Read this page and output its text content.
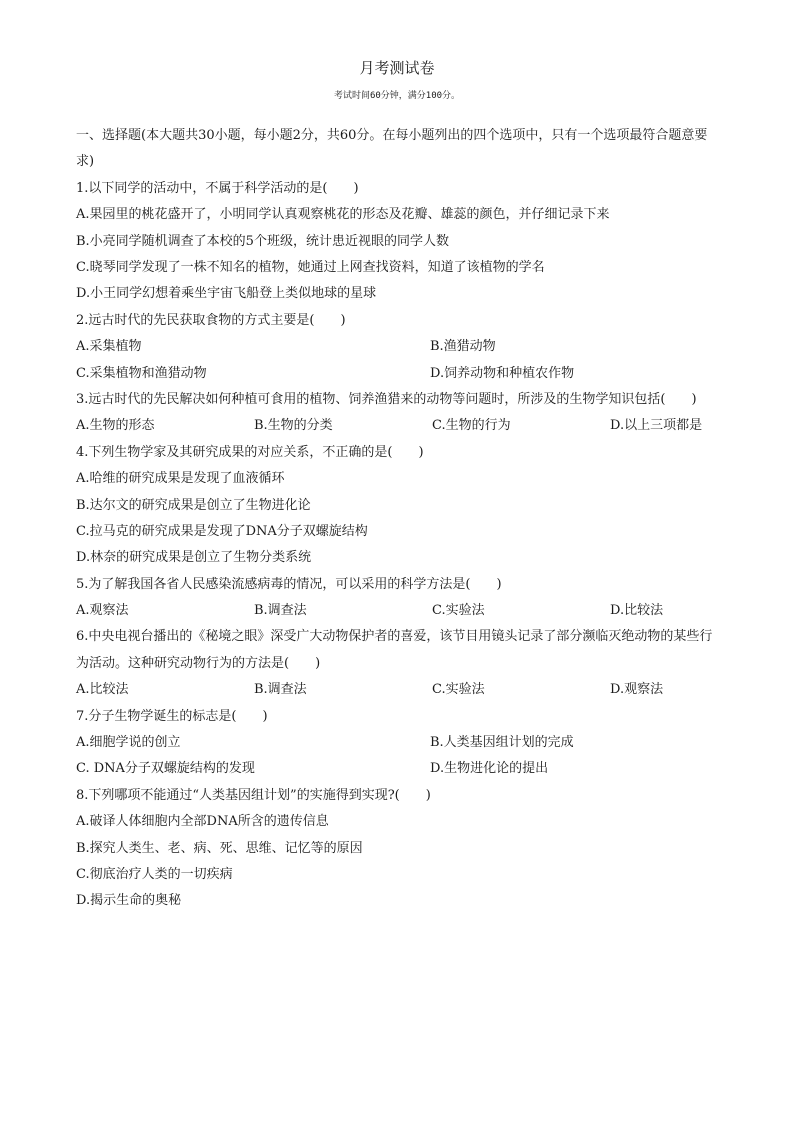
月考测试卷
考试时间60分钟，满分100分。
一、选择题(本大题共30小题，每小题2分，共60分。在每小题列出的四个选项中，只有一个选项最符合题意要求)
1.以下同学的活动中，不属于科学活动的是(　　)
A.果园里的桃花盛开了，小明同学认真观察桃花的形态及花瓣、雄蕊的颜色，并仔细记录下来
B.小亮同学随机调查了本校的5个班级，统计患近视眼的同学人数
C.晓琴同学发现了一株不知名的植物，她通过上网查找资料，知道了该植物的学名
D.小王同学幻想着乘坐宇宙飞船登上类似地球的星球
2.远古时代的先民获取食物的方式主要是(　　)
A.采集植物	B.渔猎动物
C.采集植物和渔猎动物	D.饲养动物和种植农作物
3.远古时代的先民解决如何种植可食用的植物、饲养渔猎来的动物等问题时，所涉及的生物学知识包括(　　)
A.生物的形态	B.生物的分类	C.生物的行为	D.以上三项都是
4.下列生物学家及其研究成果的对应关系，不正确的是(　　)
A.哈维的研究成果是发现了血液循环
B.达尔文的研究成果是创立了生物进化论
C.拉马克的研究成果是发现了DNA分子双螺旋结构
D.林奈的研究成果是创立了生物分类系统
5.为了解我国各省人民感染流感病毒的情况，可以采用的科学方法是(　　)
A.观察法	B.调查法	C.实验法	D.比较法
6.中央电视台播出的《秘境之眼》深受广大动物保护者的喜爱，该节目用镜头记录了部分濒临灭绝动物的某些行为活动。这种研究动物行为的方法是(　　)
A.比较法	B.调查法	C.实验法	D.观察法
7.分子生物学诞生的标志是(　　)
A.细胞学说的创立	B.人类基因组计划的完成
C. DNA分子双螺旋结构的发现	D.生物进化论的提出
8.下列哪项不能通过“人类基因组计划”的实施得到实现?(　　)
A.破译人体细胞内全部DNA所含的遗传信息
B.探究人类生、老、病、死、思维、记忆等的原因
C.彻底治疗人类的一切疾病
D.揭示生命的奥秘
